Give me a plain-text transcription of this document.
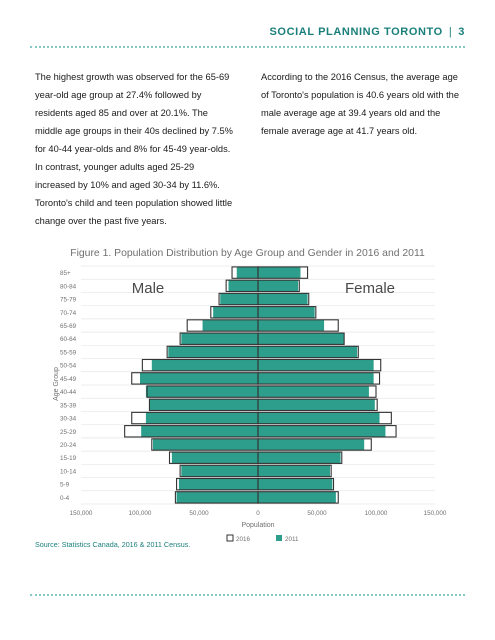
SOCIAL PLANNING TORONTO | 3
The highest growth was observed for the 65-69 year-old age group at 27.4% followed by residents aged 85 and over at 20.1%. The middle age groups in their 40s declined by 7.5% for 40-44 year-olds and 8% for 45-49 year-olds. In contrast, younger adults aged 25-29 increased by 10% and aged 30-34 by 11.6%. Toronto's child and teen population showed little change over the past five years.
According to the 2016 Census, the average age of Toronto's population is 40.6 years old with the male average age at 39.4 years old and the female average age at 41.7 years old.
Figure 1. Population Distribution by Age Group and Gender in 2016 and 2011
85+
80-84
75-79
70-74
65-69
60-64
55-59
50-54
45-49
40-44
35-39
30-34
25-29
20-24
15-19
10-14
5-9
0-4
150,000	100,000	50,000	0	50,000	100,000	150,000
Population
Age Group
Male	Female
2016	2011
Source: Statistics Canada, 2016 & 2011 Census.
